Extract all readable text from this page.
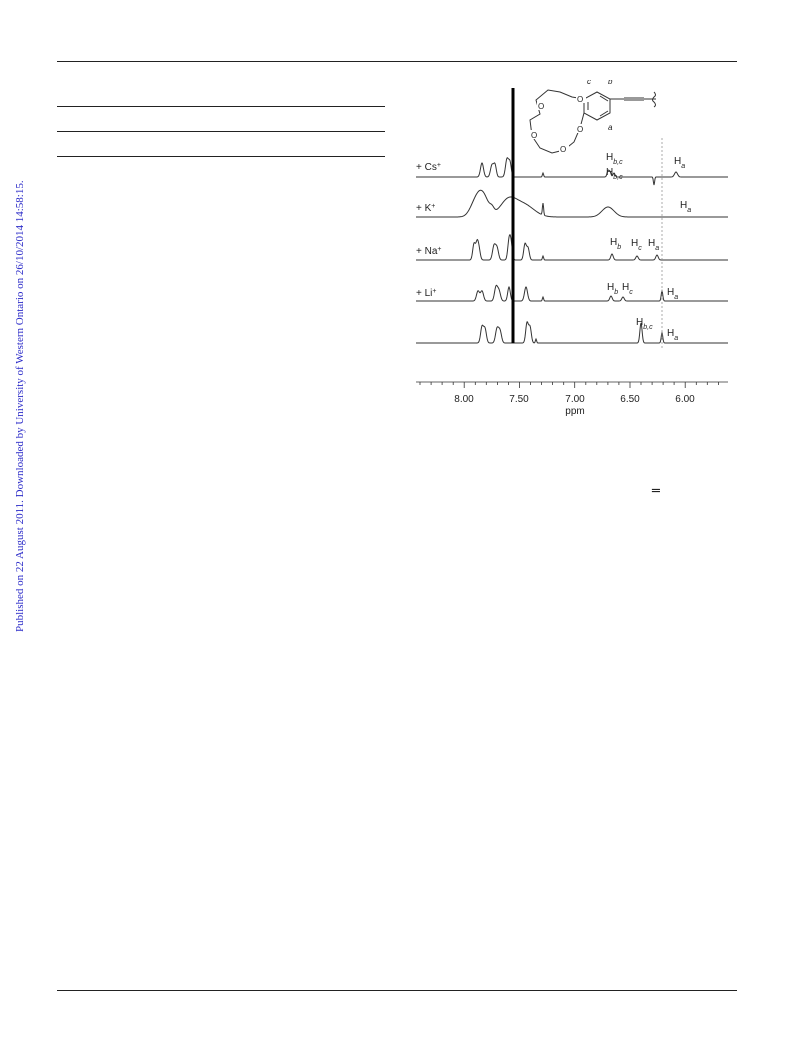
Published on 22 August 2011. Downloaded by University of Western Ontario on 26/10/2014 14:58:15.
O
O
O
O
O
c b
a
+ Cs+
+ K+
+ Na+
+ Li+
$H_{b,c}$	$H_a$
$H_{b,c}$
$H_a$
$H_b$ $H_c$ $H_a$
$H_b$ $H_c$	$H_a$
$H_{b,c}$
$H_a$
8.00	7.50	7.00	6.50	6.00
ppm
═
